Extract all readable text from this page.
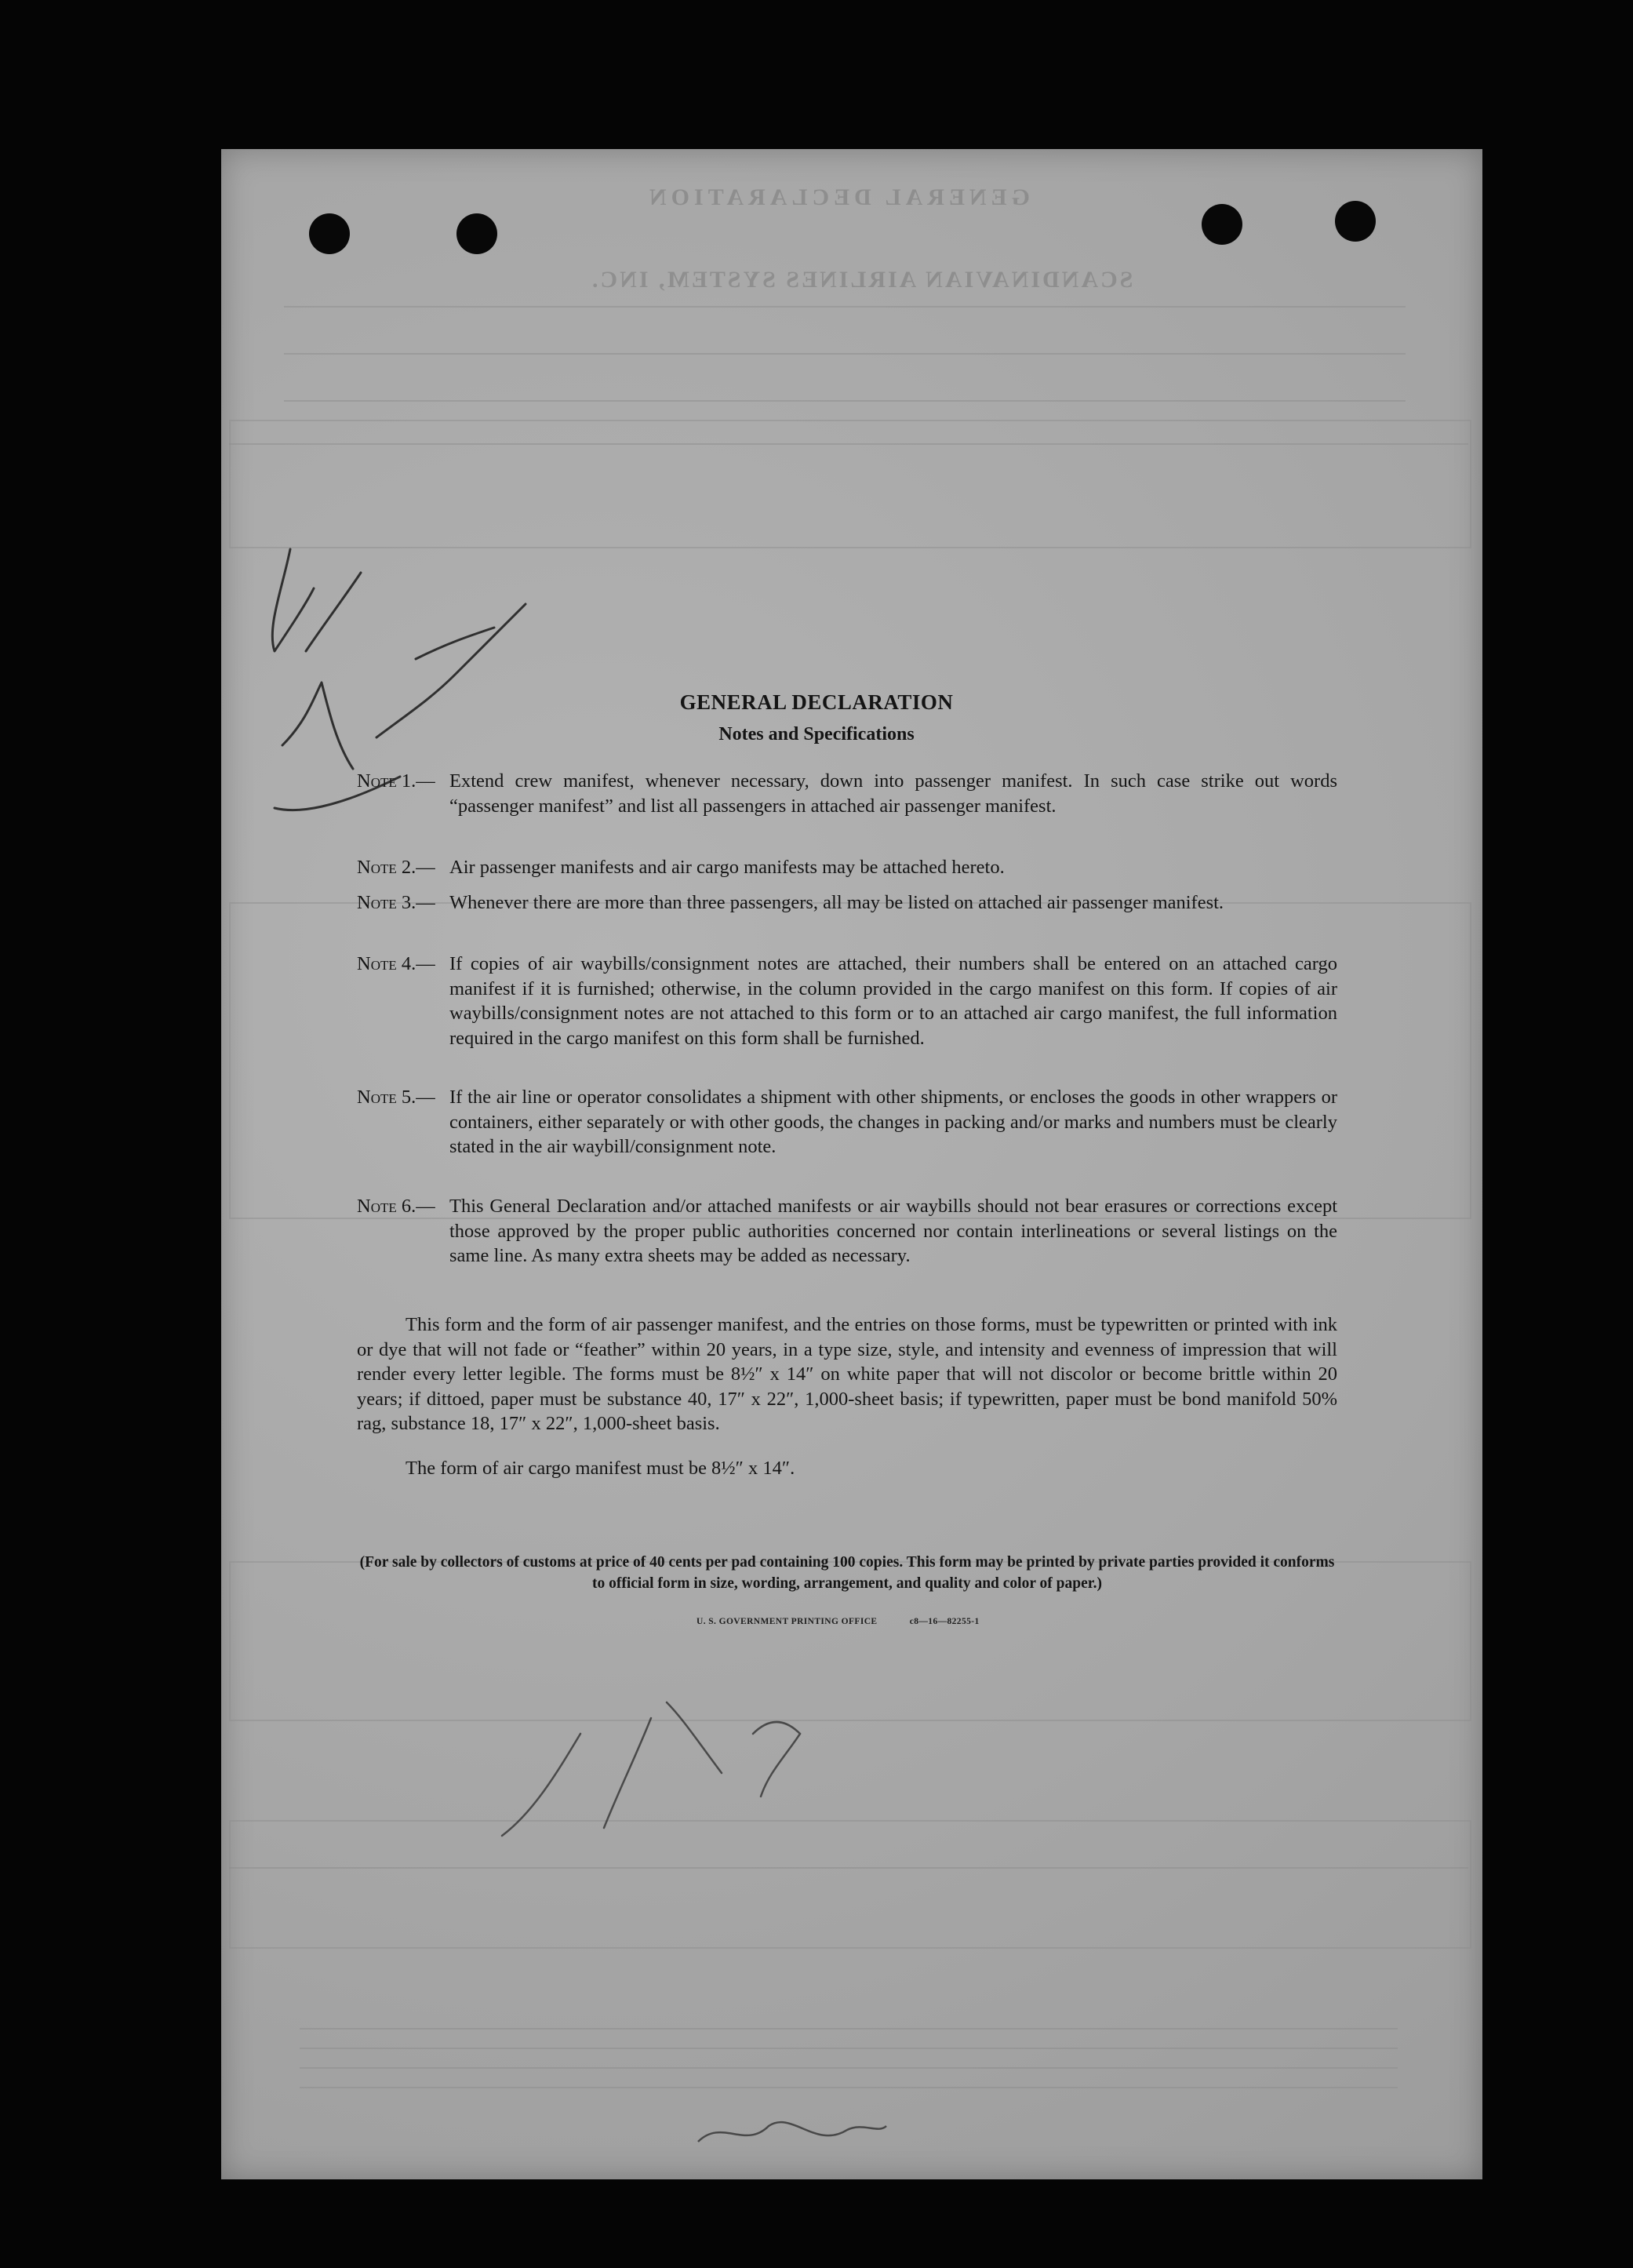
GENERAL DECLARATION
SCANDINAVIAN AIRLINES SYSTEM, INC.
GENERAL DECLARATION
Notes and Specifications
Note 1.— Extend crew manifest, whenever necessary, down into passenger manifest. In such case strike out words “passenger manifest” and list all passengers in attached air passenger manifest.
Note 2.— Air passenger manifests and air cargo manifests may be attached hereto.
Note 3.— Whenever there are more than three passengers, all may be listed on attached air passenger manifest.
Note 4.— If copies of air waybills/consignment notes are attached, their numbers shall be entered on an attached cargo manifest if it is furnished; otherwise, in the column provided in the cargo manifest on this form. If copies of air waybills/consignment notes are not attached to this form or to an attached air cargo manifest, the full information required in the cargo manifest on this form shall be furnished.
Note 5.— If the air line or operator consolidates a shipment with other shipments, or encloses the goods in other wrappers or containers, either separately or with other goods, the changes in packing and/or marks and numbers must be clearly stated in the air waybill/consignment note.
Note 6.— This General Declaration and/or attached manifests or air waybills should not bear erasures or corrections except those approved by the proper public authorities concerned nor contain interlineations or several listings on the same line. As many extra sheets may be added as necessary.
This form and the form of air passenger manifest, and the entries on those forms, must be typewritten or printed with ink or dye that will not fade or “feather” within 20 years, in a type size, style, and intensity and evenness of impression that will render every letter legible. The forms must be 8½″ x 14″ on white paper that will not discolor or become brittle within 20 years; if dittoed, paper must be substance 40, 17″ x 22″, 1,000-sheet basis; if typewritten, paper must be bond manifold 50% rag, substance 18, 17″ x 22″, 1,000-sheet basis.
The form of air cargo manifest must be 8½″ x 14″.
(For sale by collectors of customs at price of 40 cents per pad containing 100 copies. This form may be printed by private parties provided it conforms to official form in size, wording, arrangement, and quality and color of paper.)
U. S. GOVERNMENT PRINTING OFFICE	c8—16—82255-1
